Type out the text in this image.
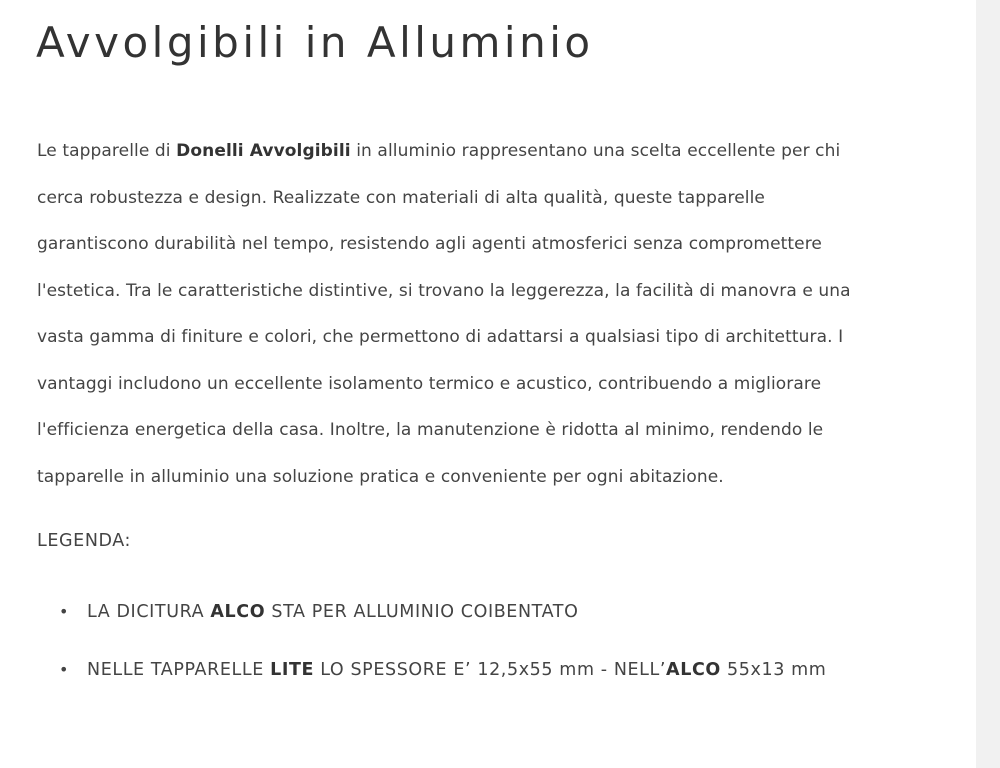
Avvolgibili in Alluminio

Le tapparelle di Donelli Avvolgibili in alluminio rappresentano una scelta eccellente per chi
cerca robustezza e design. Realizzate con materiali di alta qualità, queste tapparelle
garantiscono durabilità nel tempo, resistendo agli agenti atmosferici senza compromettere
l'estetica. Tra le caratteristiche distintive, si trovano la leggerezza, la facilità di manovra e una
vasta gamma di finiture e colori, che permettono di adattarsi a qualsiasi tipo di architettura. I
vantaggi includono un eccellente isolamento termico e acustico, contribuendo a migliorare
l'efficienza energetica della casa. Inoltre, la manutenzione è ridotta al minimo, rendendo le
tapparelle in alluminio una soluzione pratica e conveniente per ogni abitazione.

LEGENDA:

• LA DICITURA ALCO STA PER ALLUMINIO COIBENTATO
• NELLE TAPPARELLE LITE LO SPESSORE E’ 12,5x55 mm - NELL’ALCO 55x13 mm
